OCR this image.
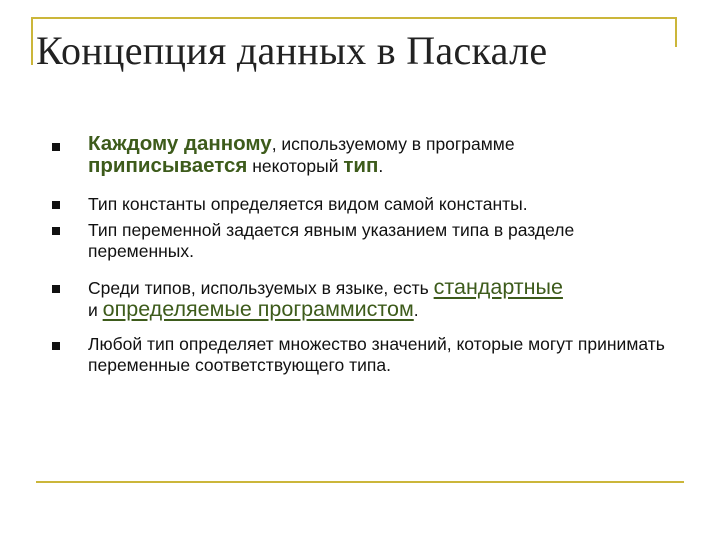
Концепция данных в Паскале
Каждому данному, используемому в программе
приписывается некоторый тип.
Тип константы определяется видом самой константы.
Тип переменной задается явным указанием типа в разделе переменных.
Среди типов, используемых в языке, есть стандартные
и определяемые программистом.
Любой тип определяет множество значений, которые могут принимать переменные соответствующего типа.
